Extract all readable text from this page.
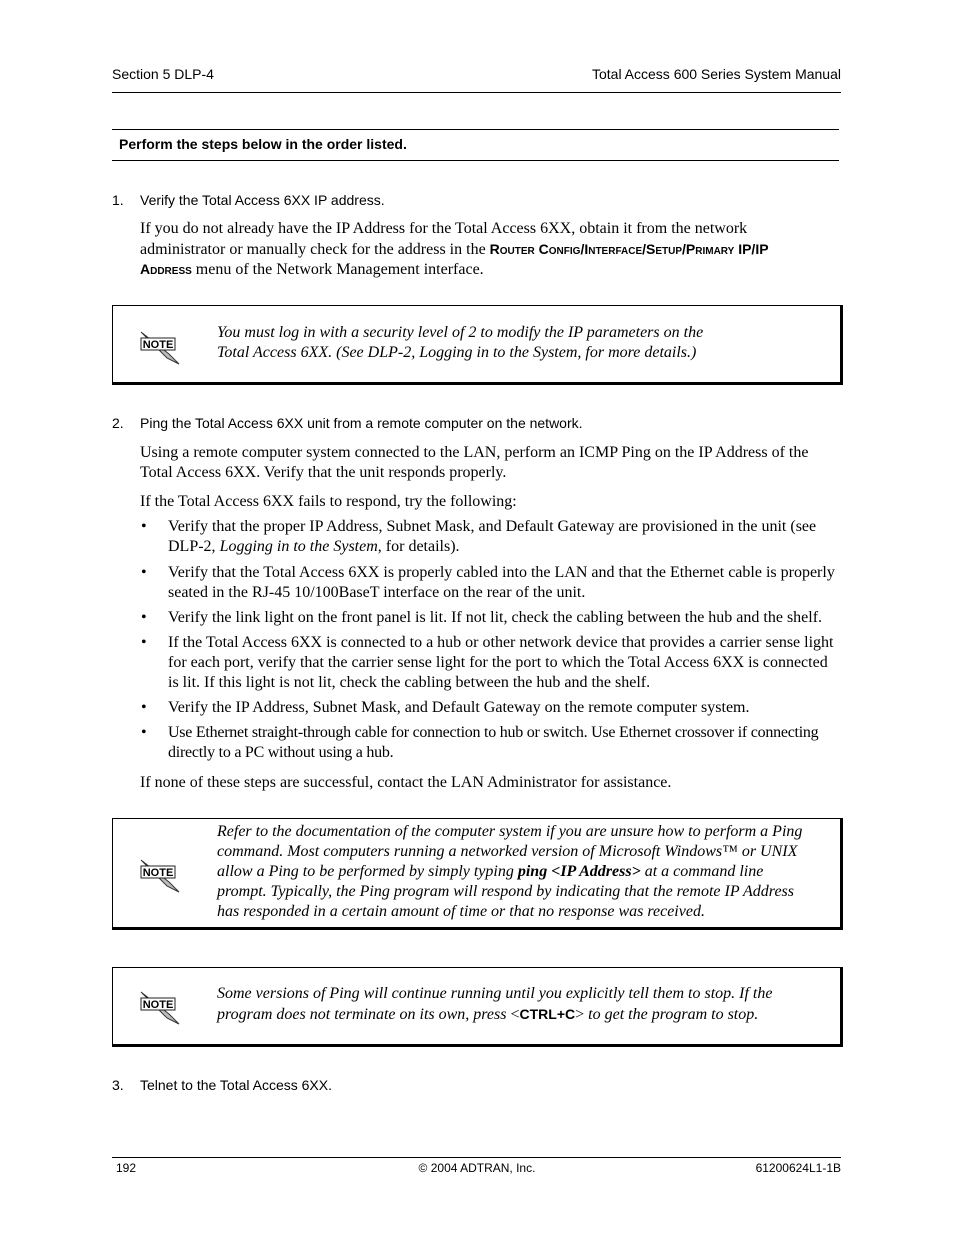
Section 5 DLP-4	Total Access 600 Series System Manual
Perform the steps below in the order listed.
1. Verify the Total Access 6XX IP address.
If you do not already have the IP Address for the Total Access 6XX, obtain it from the network
administrator or manually check for the address in the Router Config/Interface/Setup/Primary IP/IP
Address menu of the Network Management interface.
NOTE
You must log in with a security level of 2 to modify the IP parameters on the
Total Access 6XX. (See DLP-2, Logging in to the System, for more details.)
2. Ping the Total Access 6XX unit from a remote computer on the network.
Using a remote computer system connected to the LAN, perform an ICMP Ping on the IP Address of the
Total Access 6XX. Verify that the unit responds properly.
If the Total Access 6XX fails to respond, try the following:
• Verify that the proper IP Address, Subnet Mask, and Default Gateway are provisioned in the unit (see
DLP-2, Logging in to the System, for details).
• Verify that the Total Access 6XX is properly cabled into the LAN and that the Ethernet cable is properly
seated in the RJ-45 10/100BaseT interface on the rear of the unit.
• Verify the link light on the front panel is lit. If not lit, check the cabling between the hub and the shelf.
• If the Total Access 6XX is connected to a hub or other network device that provides a carrier sense light
for each port, verify that the carrier sense light for the port to which the Total Access 6XX is connected
is lit. If this light is not lit, check the cabling between the hub and the shelf.
• Verify the IP Address, Subnet Mask, and Default Gateway on the remote computer system.
• Use Ethernet straight-through cable for connection to hub or switch. Use Ethernet crossover if connecting
directly to a PC without using a hub.
If none of these steps are successful, contact the LAN Administrator for assistance.
NOTE
Refer to the documentation of the computer system if you are unsure how to perform a Ping
command. Most computers running a networked version of Microsoft Windows™ or UNIX
allow a Ping to be performed by simply typing ping <IP Address> at a command line
prompt. Typically, the Ping program will respond by indicating that the remote IP Address
has responded in a certain amount of time or that no response was received.
NOTE
Some versions of Ping will continue running until you explicitly tell them to stop. If the
program does not terminate on its own, press <CTRL+C> to get the program to stop.
3. Telnet to the Total Access 6XX.
192	© 2004 ADTRAN, Inc.	61200624L1-1B
